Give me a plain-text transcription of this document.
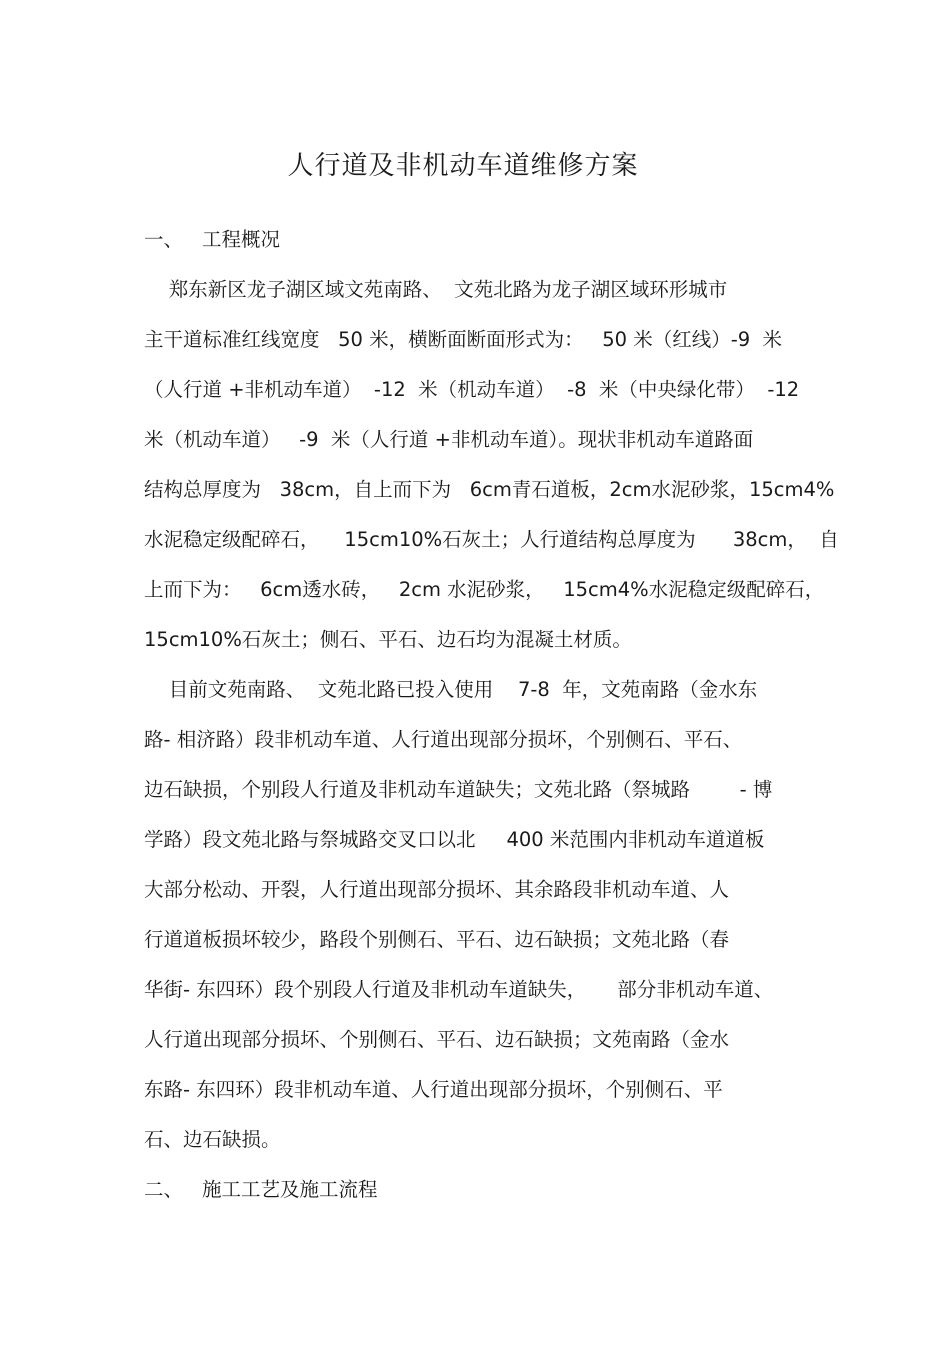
人行道及非机动车道维修方案
一、 工程概况
郑东新区龙子湖区域文苑南路、  文苑北路为龙子湖区域环形城市
主干道标准红线宽度   50 米，横断面断面形式为：   50 米（红线）-9  米
（人行道 +非机动车道）  -12  米（机动车道）  -8  米（中央绿化带）  -12
米（机动车道）   -9  米（人行道 +非机动车道）。现状非机动车道路面
结构总厚度为   38cm，自上而下为   6cm青石道板，2cm水泥砂浆，15cm4%
水泥稳定级配碎石，    15cm10%石灰土；人行道结构总厚度为      38cm，  自
上而下为：   6cm透水砖，   2cm 水泥砂浆，   15cm4%水泥稳定级配碎石，
15cm10%石灰土；侧石、平石、边石均为混凝土材质。
目前文苑南路、  文苑北路已投入使用    7-8  年，文苑南路（金水东
路- 相济路）段非机动车道、人行道出现部分损坏，个别侧石、平石、
边石缺损，个别段人行道及非机动车道缺失；文苑北路（祭城路        - 博
学路）段文苑北路与祭城路交叉口以北     400 米范围内非机动车道道板
大部分松动、开裂，人行道出现部分损坏、其余路段非机动车道、人
行道道板损坏较少，路段个别侧石、平石、边石缺损；文苑北路（春
华街- 东四环）段个别段人行道及非机动车道缺失，     部分非机动车道、
人行道出现部分损坏、个别侧石、平石、边石缺损；文苑南路（金水
东路- 东四环）段非机动车道、人行道出现部分损坏，个别侧石、平
石、边石缺损。
二、 施工工艺及施工流程
